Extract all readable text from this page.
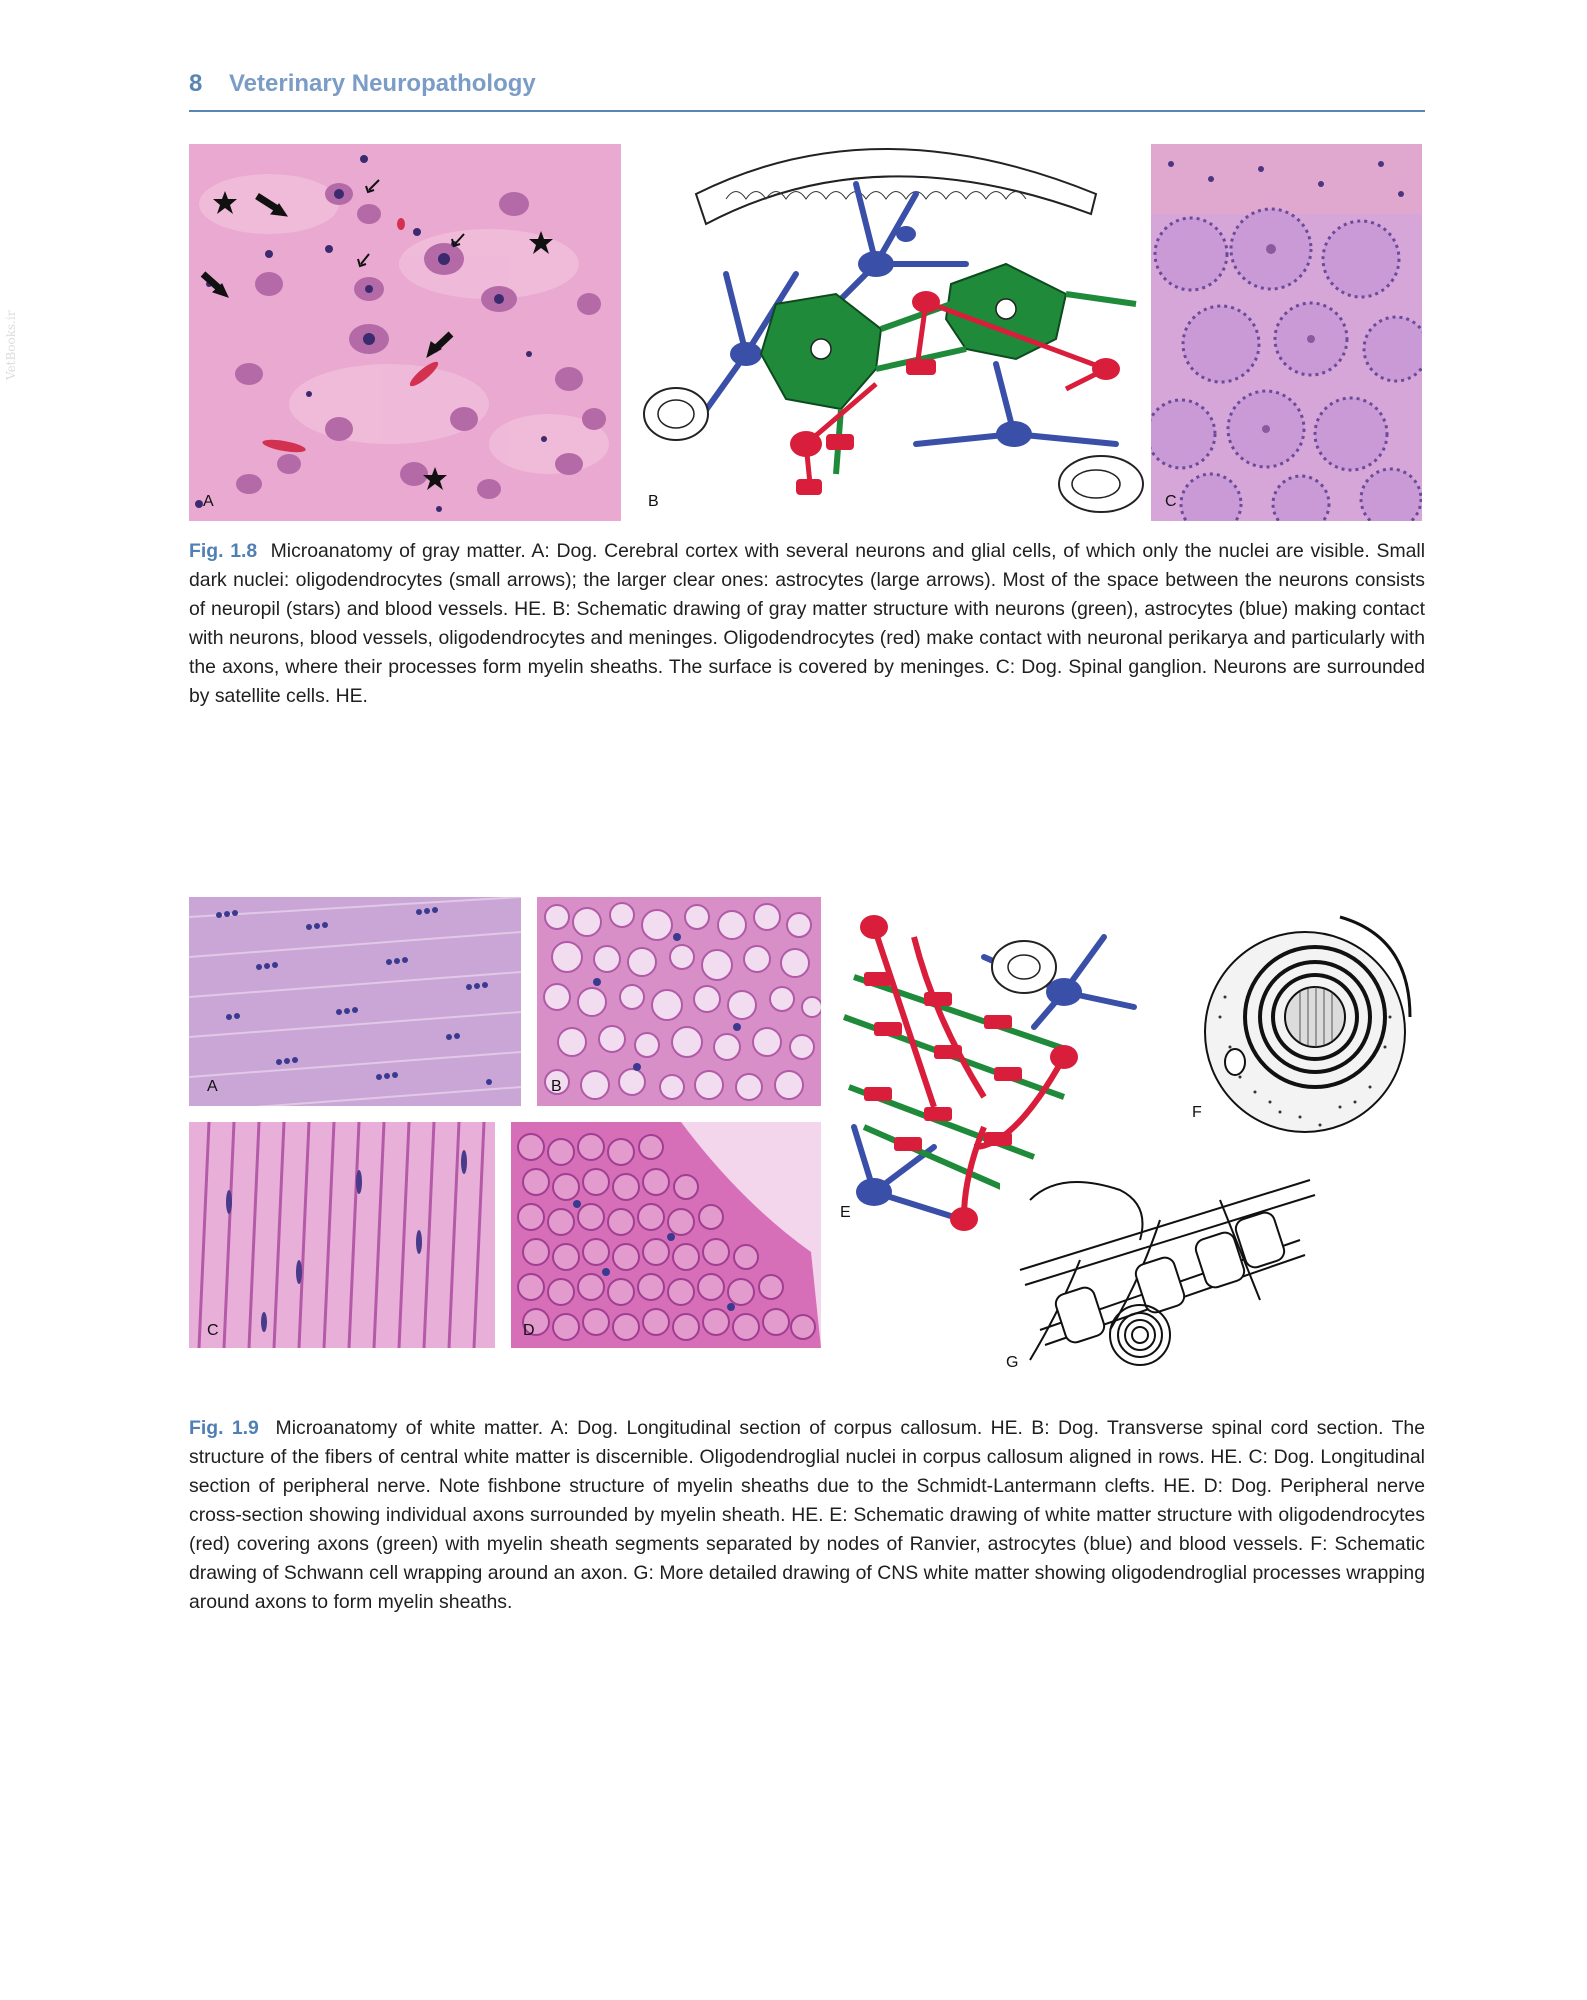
8 Veterinary Neuropathology
VetBooks.ir
A	B	C

Fig. 1.8 Microanatomy of gray matter. A: Dog. Cerebral cortex with several neurons and glial cells, of which only the nuclei are visible. Small dark nuclei: oligodendrocytes (small arrows); the larger clear ones: astrocytes (large arrows). Most of the space between the neurons consists of neuropil (stars) and blood vessels. HE. B: Schematic drawing of gray matter structure with neurons (green), astrocytes (blue) making contact with neurons, blood vessels, oligodendrocytes and meninges. Oligodendrocytes (red) make contact with neuronal perikarya and particularly with the axons, where their processes form myelin sheaths. The surface is covered by meninges. C: Dog. Spinal ganglion. Neurons are surrounded by satellite cells. HE.

A	B
C	D
E
F
G

Fig. 1.9 Microanatomy of white matter. A: Dog. Longitudinal section of corpus callosum. HE. B: Dog. Transverse spinal cord section. The structure of the fibers of central white matter is discernible. Oligodendroglial nuclei in corpus callosum aligned in rows. HE. C: Dog. Longitudinal section of peripheral nerve. Note fishbone structure of myelin sheaths due to the Schmidt-Lantermann clefts. HE. D: Dog. Peripheral nerve cross-section showing individual axons surrounded by myelin sheath. HE. E: Schematic drawing of white matter structure with oligodendrocytes (red) covering axons (green) with myelin sheath segments separated by nodes of Ranvier, astrocytes (blue) and blood vessels. F: Schematic drawing of Schwann cell wrapping around an axon. G: More detailed drawing of CNS white matter showing oligodendroglial processes wrapping around axons to form myelin sheaths.
